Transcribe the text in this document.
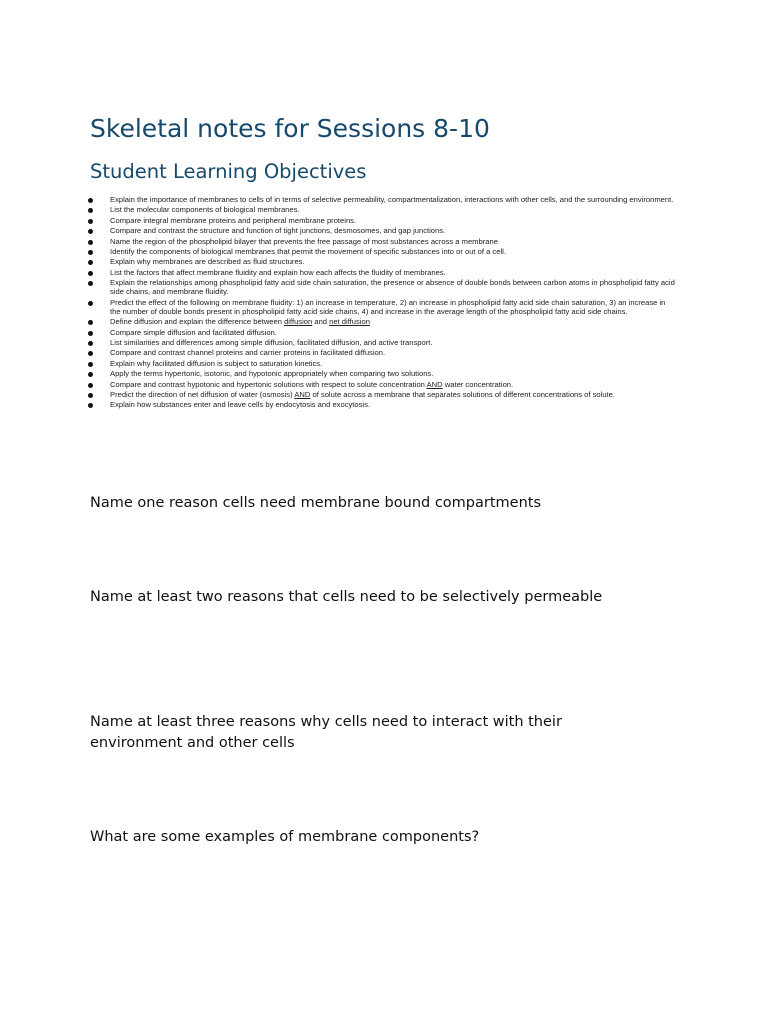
Skeletal notes for Sessions 8-10
Student Learning Objectives
Explain the importance of membranes to cells of in terms of selective permeability, compartmentalization, interactions with other cells, and the surrounding environment.
List the molecular components of biological membranes.
Compare integral membrane proteins and peripheral membrane proteins.
Compare and contrast the structure and function of tight junctions, desmosomes, and gap junctions.
Name the region of the phospholipid bilayer that prevents the free passage of most substances across a membrane
Identify the components of biological membranes that permit the movement of specific substances into or out of a cell.
Explain why membranes are described as fluid structures.
List the factors that affect membrane fluidity and explain how each affects the fluidity of membranes.
Explain the relationships among phospholipid fatty acid side chain saturation, the presence or absence of double bonds between carbon atoms in phospholipid fatty acid side chains, and membrane fluidity.
Predict the effect of the following on membrane fluidity: 1) an increase in temperature, 2) an increase in phospholipid fatty acid side chain saturation, 3) an increase in the number of double bonds present in phospholipid fatty acid side chains, 4) and increase in the average length of the phospholipid fatty acid side chains.
Define diffusion and explain the difference between diffusion and net diffusion
Compare simple diffusion and facilitated diffusion.
List similarities and differences among simple diffusion, facilitated diffusion, and active transport.
Compare and contrast channel proteins and carrier proteins in facilitated diffusion.
Explain why facilitated diffusion is subject to saturation kinetics.
Apply the terms hypertonic, isotonic, and hypotonic appropriately when comparing two solutions.
Compare and contrast hypotonic and hypertonic solutions with respect to solute concentration AND water concentration.
Predict the direction of net diffusion of water (osmosis) AND of solute across a membrane that separates solutions of different concentrations of solute.
Explain how substances enter and leave cells by endocytosis and exocytosis.

Name one reason cells need membrane bound compartments

Name at least two reasons that cells need to be selectively permeable

Name at least three reasons why cells need to interact with their environment and other cells

What are some examples of membrane components?
